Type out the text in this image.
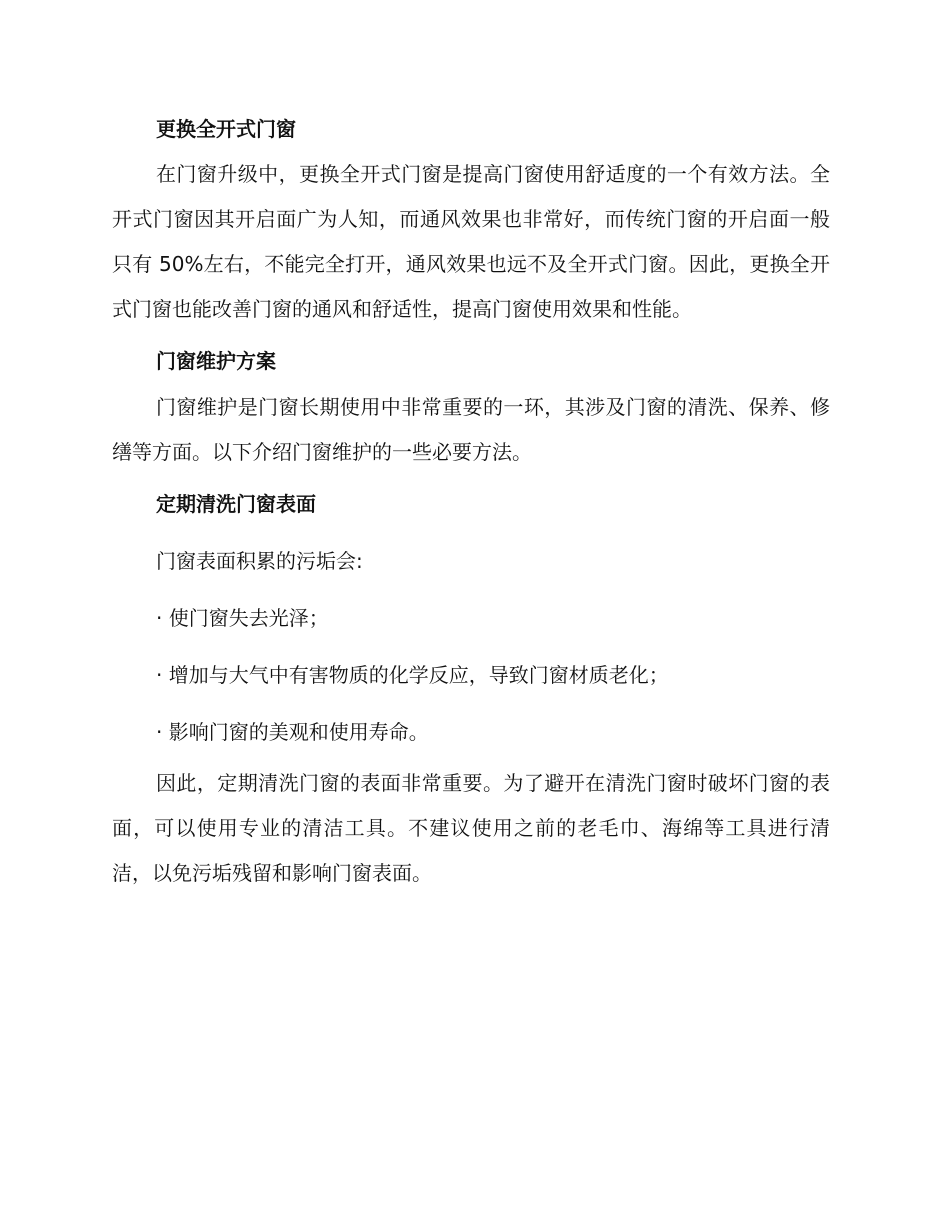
更换全开式门窗

在门窗升级中，更换全开式门窗是提高门窗使用舒适度的一个有效方法。全开式门窗因其开启面广为人知，而通风效果也非常好，而传统门窗的开启面一般只有 50%左右，不能完全打开，通风效果也远不及全开式门窗。因此，更换全开式门窗也能改善门窗的通风和舒适性，提高门窗使用效果和性能。

门窗维护方案

门窗维护是门窗长期使用中非常重要的一环，其涉及门窗的清洗、保养、修缮等方面。以下介绍门窗维护的一些必要方法。

定期清洗门窗表面

门窗表面积累的污垢会:

· 使门窗失去光泽；

· 增加与大气中有害物质的化学反应，导致门窗材质老化；

· 影响门窗的美观和使用寿命。

因此，定期清洗门窗的表面非常重要。为了避开在清洗门窗时破坏门窗的表面，可以使用专业的清洁工具。不建议使用之前的老毛巾、海绵等工具进行清洁，以免污垢残留和影响门窗表面。
